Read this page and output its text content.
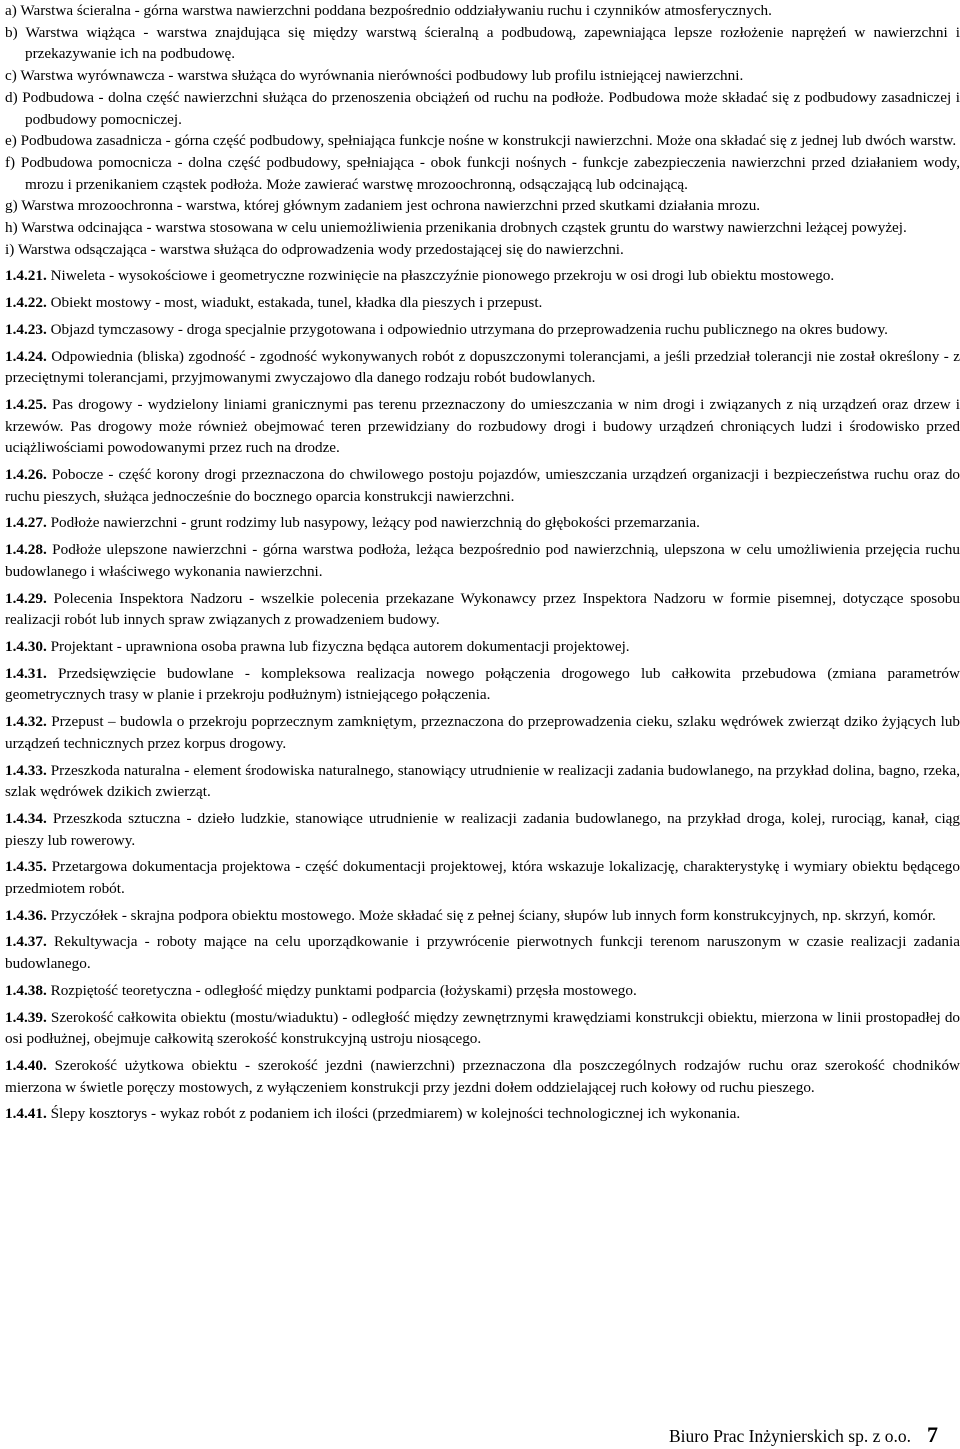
a) Warstwa ścieralna - górna warstwa nawierzchni poddana bezpośrednio oddziaływaniu ruchu i czynników atmosferycznych.

b) Warstwa wiążąca - warstwa znajdująca się między warstwą ścieralną a podbudową, zapewniająca lepsze rozłożenie naprężeń w nawierzchni i przekazywanie ich na podbudowę.

c) Warstwa wyrównawcza - warstwa służąca do wyrównania nierówności podbudowy lub profilu istniejącej nawierzchni.

d) Podbudowa - dolna część nawierzchni służąca do przenoszenia obciążeń od ruchu na podłoże. Podbudowa może składać się z podbudowy zasadniczej i podbudowy pomocniczej.

e) Podbudowa zasadnicza - górna część podbudowy, spełniająca funkcje nośne w konstrukcji nawierzchni. Może ona składać się z jednej lub dwóch warstw.

f) Podbudowa pomocnicza - dolna część podbudowy, spełniająca - obok funkcji nośnych - funkcje zabezpieczenia nawierzchni przed działaniem wody, mrozu i przenikaniem cząstek podłoża. Może zawierać warstwę mrozoochronną, odsączającą lub odcinającą.

g) Warstwa mrozoochronna - warstwa, której głównym zadaniem jest ochrona nawierzchni przed skutkami działania mrozu.

h) Warstwa odcinająca - warstwa stosowana w celu uniemożliwienia przenikania drobnych cząstek gruntu do warstwy nawierzchni leżącej powyżej.

i) Warstwa odsączająca - warstwa służąca do odprowadzenia wody przedostającej się do nawierzchni.

1.4.21. Niweleta - wysokościowe i geometryczne rozwinięcie na płaszczyźnie pionowego przekroju w osi drogi lub obiektu mostowego.

1.4.22. Obiekt mostowy - most, wiadukt, estakada, tunel, kładka dla pieszych i przepust.

1.4.23. Objazd tymczasowy - droga specjalnie przygotowana i odpowiednio utrzymana do przeprowadzenia ruchu publicznego na okres budowy.

1.4.24. Odpowiednia (bliska) zgodność - zgodność wykonywanych robót z dopuszczonymi tolerancjami, a jeśli przedział tolerancji nie został określony - z przeciętnymi tolerancjami, przyjmowanymi zwyczajowo dla danego rodzaju robót budowlanych.

1.4.25. Pas drogowy - wydzielony liniami granicznymi pas terenu przeznaczony do umieszczania w nim drogi i związanych z nią urządzeń oraz drzew i krzewów. Pas drogowy może również obejmować teren przewidziany do rozbudowy drogi i budowy urządzeń chroniących ludzi i środowisko przed uciążliwościami powodowanymi przez ruch na drodze.

1.4.26. Pobocze - część korony drogi przeznaczona do chwilowego postoju pojazdów, umieszczania urządzeń organizacji i bezpieczeństwa ruchu oraz do ruchu pieszych, służąca jednocześnie do bocznego oparcia konstrukcji nawierzchni.

1.4.27. Podłoże nawierzchni - grunt rodzimy lub nasypowy, leżący pod nawierzchnią do głębokości przemarzania.

1.4.28. Podłoże ulepszone nawierzchni - górna warstwa podłoża, leżąca bezpośrednio pod nawierzchnią, ulepszona w celu umożliwienia przejęcia ruchu budowlanego i właściwego wykonania nawierzchni.

1.4.29. Polecenia Inspektora Nadzoru - wszelkie polecenia przekazane Wykonawcy przez Inspektora Nadzoru w formie pisemnej, dotyczące sposobu realizacji robót lub innych spraw związanych z prowadzeniem budowy.

1.4.30. Projektant - uprawniona osoba prawna lub fizyczna będąca autorem dokumentacji projektowej.

1.4.31. Przedsięwzięcie budowlane - kompleksowa realizacja nowego połączenia drogowego lub całkowita przebudowa (zmiana parametrów geometrycznych trasy w planie i przekroju podłużnym) istniejącego połączenia.

1.4.32. Przepust – budowla o przekroju poprzecznym zamkniętym, przeznaczona do przeprowadzenia cieku, szlaku wędrówek zwierząt dziko żyjących lub urządzeń technicznych przez korpus drogowy.

1.4.33. Przeszkoda naturalna - element środowiska naturalnego, stanowiący utrudnienie w realizacji zadania budowlanego, na przykład dolina, bagno, rzeka, szlak wędrówek dzikich zwierząt.

1.4.34. Przeszkoda sztuczna - dzieło ludzkie, stanowiące utrudnienie w realizacji zadania budowlanego, na przykład droga, kolej, rurociąg, kanał, ciąg pieszy lub rowerowy.

1.4.35. Przetargowa dokumentacja projektowa - część dokumentacji projektowej, która wskazuje lokalizację, charakterystykę i wymiary obiektu będącego przedmiotem robót.

1.4.36. Przyczółek - skrajna podpora obiektu mostowego. Może składać się z pełnej ściany, słupów lub innych form konstrukcyjnych, np. skrzyń, komór.

1.4.37. Rekultywacja - roboty mające na celu uporządkowanie i przywrócenie pierwotnych funkcji terenom naruszonym w czasie realizacji zadania budowlanego.

1.4.38. Rozpiętość teoretyczna - odległość między punktami podparcia (łożyskami) przęsła mostowego.

1.4.39. Szerokość całkowita obiektu (mostu/wiaduktu) - odległość między zewnętrznymi krawędziami konstrukcji obiektu, mierzona w linii prostopadłej do osi podłużnej, obejmuje całkowitą szerokość konstrukcyjną ustroju niosącego.

1.4.40. Szerokość użytkowa obiektu - szerokość jezdni (nawierzchni) przeznaczona dla poszczególnych rodzajów ruchu oraz szerokość chodników mierzona w świetle poręczy mostowych, z wyłączeniem konstrukcji przy jezdni dołem oddzielającej ruch kołowy od ruchu pieszego.

1.4.41. Ślepy kosztorys - wykaz robót z podaniem ich ilości (przedmiarem) w kolejności technologicznej ich wykonania.

Biuro Prac Inżynierskich sp. z o.o. 7
